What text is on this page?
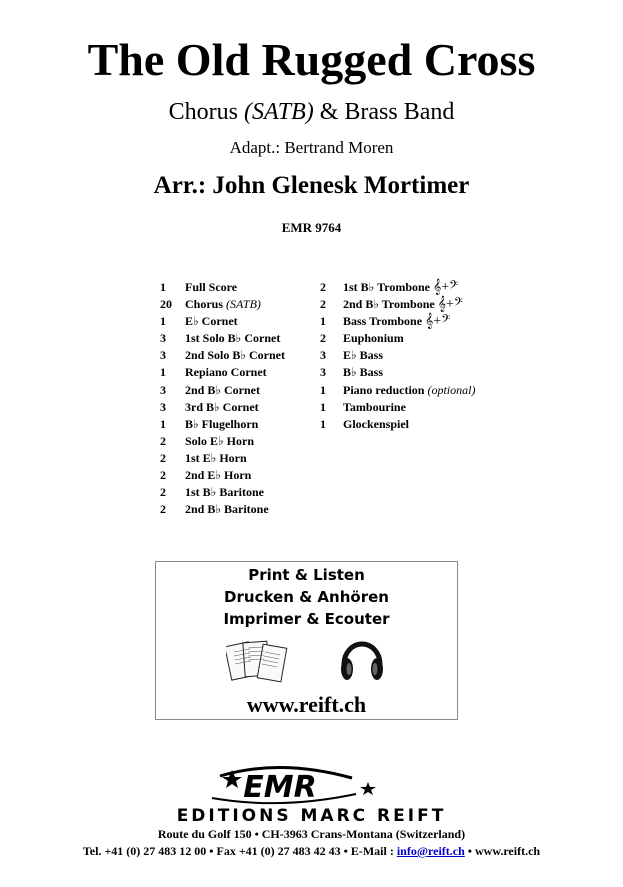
The Old Rugged Cross
Chorus (SATB) & Brass Band
Adapt.: Bertrand Moren
Arr.: John Glenesk Mortimer
EMR 9764
1 Full Score
20 Chorus (SATB)
1 E♭ Cornet
3 1st Solo B♭ Cornet
3 2nd Solo B♭ Cornet
1 Repiano Cornet
3 2nd B♭ Cornet
3 3rd B♭ Cornet
1 B♭ Flugelhorn
2 Solo E♭ Horn
2 1st E♭ Horn
2 2nd E♭ Horn
2 1st B♭ Baritone
2 2nd B♭ Baritone
2 1st B♭ Trombone 𝄞+𝄢
2 2nd B♭ Trombone 𝄞+𝄢
1 Bass Trombone 𝄞+𝄢
2 Euphonium
3 E♭ Bass
3 B♭ Bass
1 Piano reduction (optional)
1 Tambourine
1 Glockenspiel
Print & Listen
Drucken & Anhören
Imprimer & Ecouter
www.reift.ch
EMR
EDITIONS MARC REIFT
Route du Golf 150 • CH-3963 Crans-Montana (Switzerland)
Tel. +41 (0) 27 483 12 00 • Fax +41 (0) 27 483 42 43 • E-Mail : info@reift.ch • www.reift.ch
